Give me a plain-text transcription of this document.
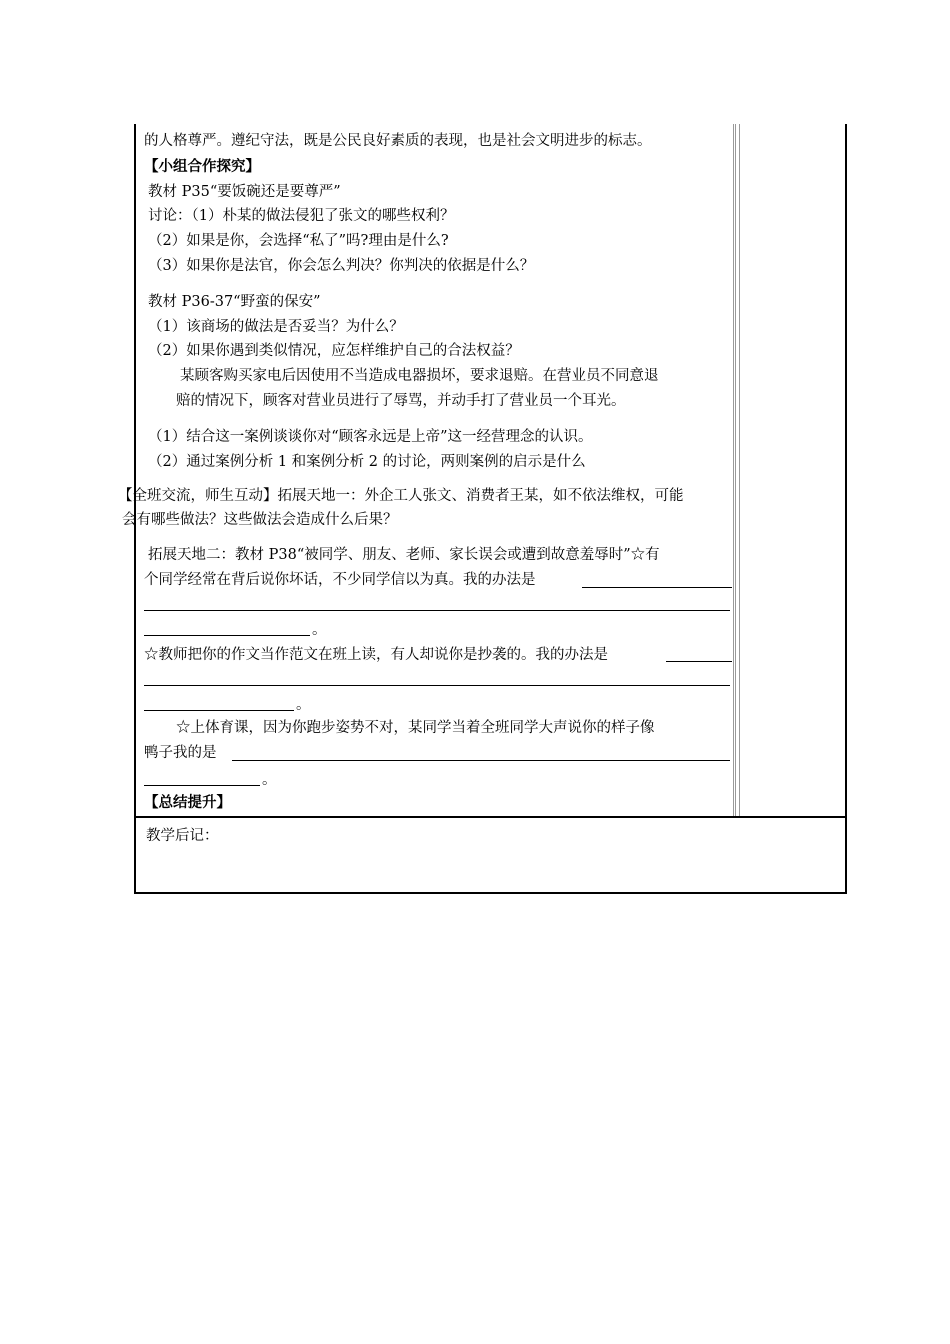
教学后记：
的人格尊严。遵纪守法，既是公民良好素质的表现，也是社会文明进步的标志。
【小组合作探究】
教材 P35“要饭碗还是要尊严”
讨论：（1）朴某的做法侵犯了张文的哪些权利？
（2）如果是你，会选择“私了”吗?理由是什么?
（3）如果你是法官，你会怎么判决？你判决的依据是什么？
教材 P36-37“野蛮的保安”
（1）该商场的做法是否妥当？为什么？
（2）如果你遇到类似情况，应怎样维护自己的合法权益？
某顾客购买家电后因使用不当造成电器损坏，要求退赔。在营业员不同意退
赔的情况下，顾客对营业员进行了辱骂，并动手打了营业员一个耳光。
（1）结合这一案例谈谈你对“顾客永远是上帝”这一经营理念的认识。
（2）通过案例分析 1 和案例分析 2 的讨论，两则案例的启示是什么
【全班交流，师生互动】拓展天地一：外企工人张文、消费者王某，如不依法维权，可能
会有哪些做法？这些做法会造成什么后果？
拓展天地二：教材 P38“被同学、朋友、老师、家长误会或遭到故意羞辱时”☆有
个同学经常在背后说你坏话，不少同学信以为真。我的办法是
。
☆教师把你的作文当作范文在班上读，有人却说你是抄袭的。我的办法是
。
☆上体育课，因为你跑步姿势不对，某同学当着全班同学大声说你的样子像
鸭子我的是
。
【总结提升】
